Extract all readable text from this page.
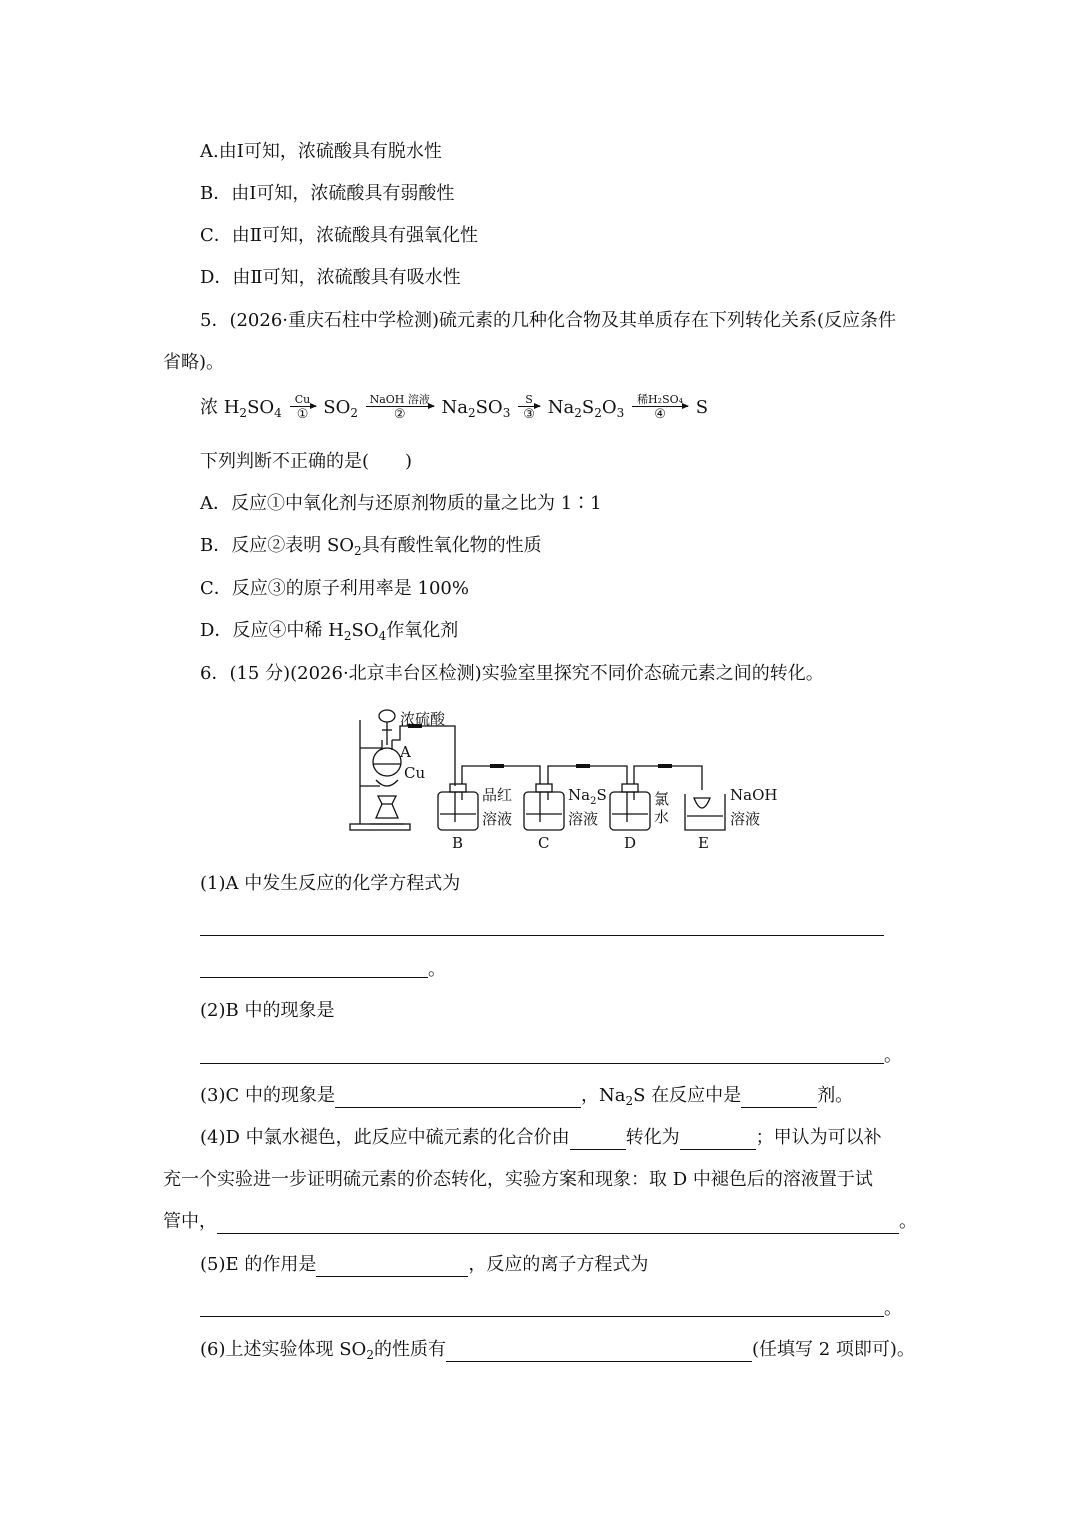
A.由Ⅰ可知，浓硫酸具有脱水性
B．由Ⅰ可知，浓硫酸具有弱酸性
C．由Ⅱ可知，浓硫酸具有强氧化性
D．由Ⅱ可知，浓硫酸具有吸水性
5．(2026·重庆石柱中学检测)硫元素的几种化合物及其单质存在下列转化关系(反应条件
省略)。
浓 $H_2SO_4$
Cu
① $SO_2$
NaOH 溶液
②	$Na_2SO_3$
S
③ $Na_2S_2O_3$
稀H₂SO₄
④	S
下列判断不正确的是(　　)
A．反应①中氧化剂与还原剂物质的量之比为 1∶1
B．反应②表明 $SO_2$具有酸性氧化物的性质
C．反应③的原子利用率是 100%
D．反应④中稀 $H_2SO_4$作氧化剂
6．(15 分)(2026·北京丰台区检测)实验室里探究不同价态硫元素之间的转化。
浓硫酸
A
Cu
品红
溶液
$Na_2S$
溶液
氯
水
NaOH
溶液
B	C	D	E
(1)A 中发生反应的化学方程式为
。
(2)B 中的现象是
。
(3)C 中的现象是	，$Na_2S$ 在反应中是	剂。
(4)D 中氯水褪色，此反应中硫元素的化合价由	转化为	；甲认为可以补
充一个实验进一步证明硫元素的价态转化，实验方案和现象：取 D 中褪色后的溶液置于试
管中，	。
(5)E 的作用是	，反应的离子方程式为
。
(6)上述实验体现 $SO_2$的性质有	(任填写 2 项即可)。
